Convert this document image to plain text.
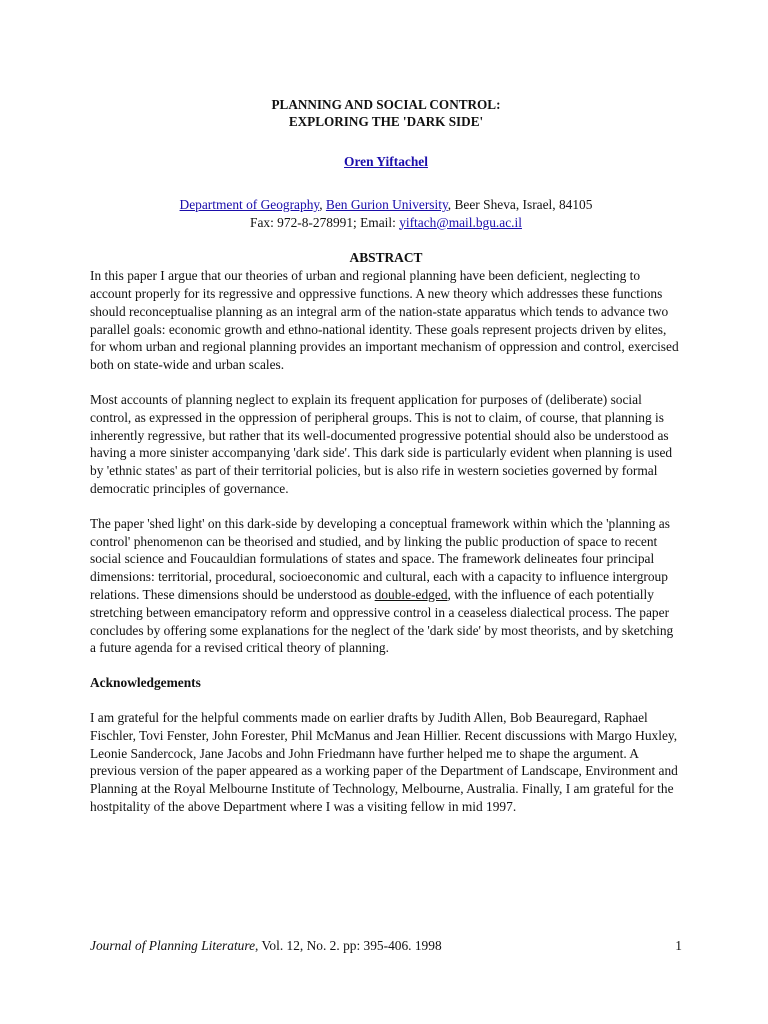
PLANNING AND SOCIAL CONTROL:

EXPLORING THE 'DARK SIDE'

Oren Yiftachel

Department of Geography, Ben Gurion University, Beer Sheva, Israel, 84105
Fax: 972-8-278991; Email: yiftach@mail.bgu.ac.il

ABSTRACT

In this paper I argue that our theories of urban and regional planning have been deficient, neglecting to account properly for its regressive and oppressive functions. A new theory which addresses these functions should reconceptualise planning as an integral arm of the nation-state apparatus which tends to advance two parallel goals: economic growth and ethno-national identity. These goals represent projects driven by elites, for whom urban and regional planning provides an important mechanism of oppression and control, exercised both on state-wide and urban scales.

Most accounts of planning neglect to explain its frequent application for purposes of (deliberate) social control, as expressed in the oppression of peripheral groups. This is not to claim, of course, that planning is inherently regressive, but rather that its well-documented progressive potential should also be understood as having a more sinister accompanying 'dark side'. This dark side is particularly evident when planning is used by 'ethnic states' as part of their territorial policies, but is also rife in western societies governed by formal democratic principles of governance.

The paper 'shed light' on this dark-side by developing a conceptual framework within which the 'planning as control' phenomenon can be theorised and studied, and by linking the public production of space to recent social science and Foucauldian formulations of states and space. The framework delineates four principal dimensions: territorial, procedural, socioeconomic and cultural, each with a capacity to influence intergroup relations. These dimensions should be understood as double-edged, with the influence of each potentially stretching between emancipatory reform and oppressive control in a ceaseless dialectical process. The paper concludes by offering some explanations for the neglect of the 'dark side' by most theorists, and by sketching a future agenda for a revised critical theory of planning.

Acknowledgements

I am grateful for the helpful comments made on earlier drafts by Judith Allen, Bob Beauregard, Raphael Fischler, Tovi Fenster, John Forester, Phil McManus and Jean Hillier. Recent discussions with Margo Huxley, Leonie Sandercock, Jane Jacobs and John Friedmann have further helped me to shape the argument. A previous version of the paper appeared as a working paper of the Department of Landscape, Environment and Planning at the Royal Melbourne Institute of Technology, Melbourne, Australia. Finally, I am grateful for the hostpitality of the above Department where I was a visiting fellow in mid 1997.

Journal of Planning Literature, Vol. 12, No. 2. pp: 395-406. 1998	1
